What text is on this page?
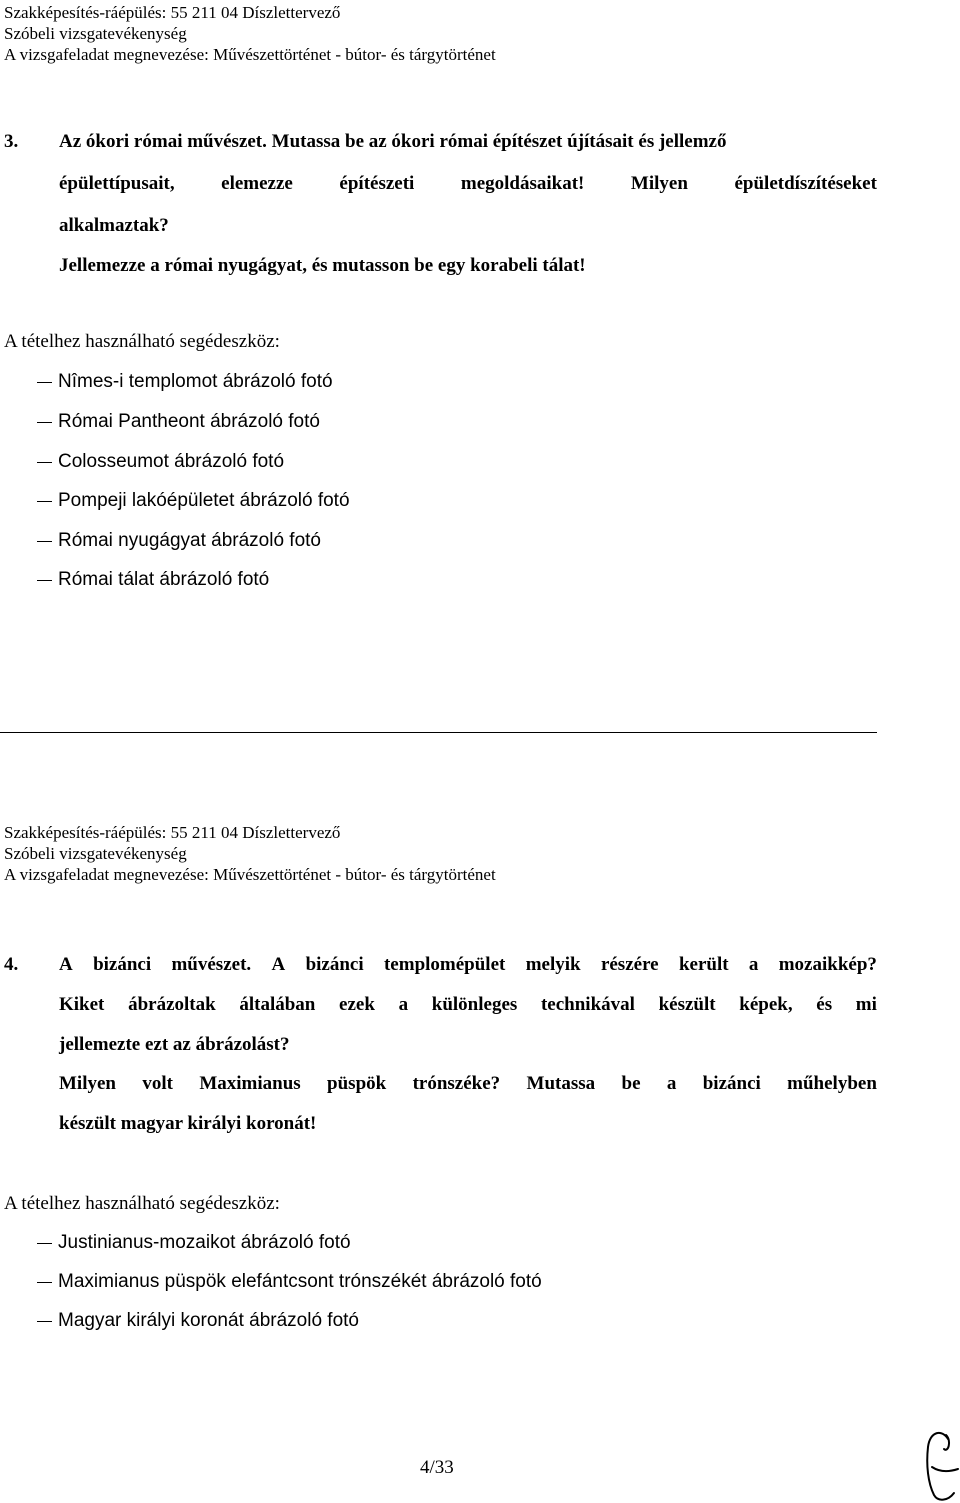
Szakképesítés-ráépülés: 55 211 04 Díszlettervező
Szóbeli vizsgatevékenység
A vizsgafeladat megnevezése: Művészettörténet - bútor- és tárgytörténet
3. Az ókori római művészet. Mutassa be az ókori római építészet újításait és jellemző
épülettípusait, elemezze építészeti megoldásaikat! Milyen épületdíszítéseket
alkalmaztak?
Jellemezze a római nyugágyat, és mutasson be egy korabeli tálat!
A tételhez használható segédeszköz:
Nîmes-i templomot ábrázoló fotó
Római Pantheont ábrázoló fotó
Colosseumot ábrázoló fotó
Pompeji lakóépületet ábrázoló fotó
Római nyugágyat ábrázoló fotó
Római tálat ábrázoló fotó
Szakképesítés-ráépülés: 55 211 04 Díszlettervező
Szóbeli vizsgatevékenység
A vizsgafeladat megnevezése: Művészettörténet - bútor- és tárgytörténet
4. A bizánci művészet. A bizánci templomépület melyik részére került a mozaikkép?
Kiket ábrázoltak általában ezek a különleges technikával készült képek, és mi
jellemezte ezt az ábrázolást?
Milyen volt Maximianus püspök trónszéke? Mutassa be a bizánci műhelyben
készült magyar királyi koronát!
A tételhez használható segédeszköz:
Justinianus-mozaikot ábrázoló fotó
Maximianus püspök elefántcsont trónszékét ábrázoló fotó
Magyar királyi koronát ábrázoló fotó
4/33
